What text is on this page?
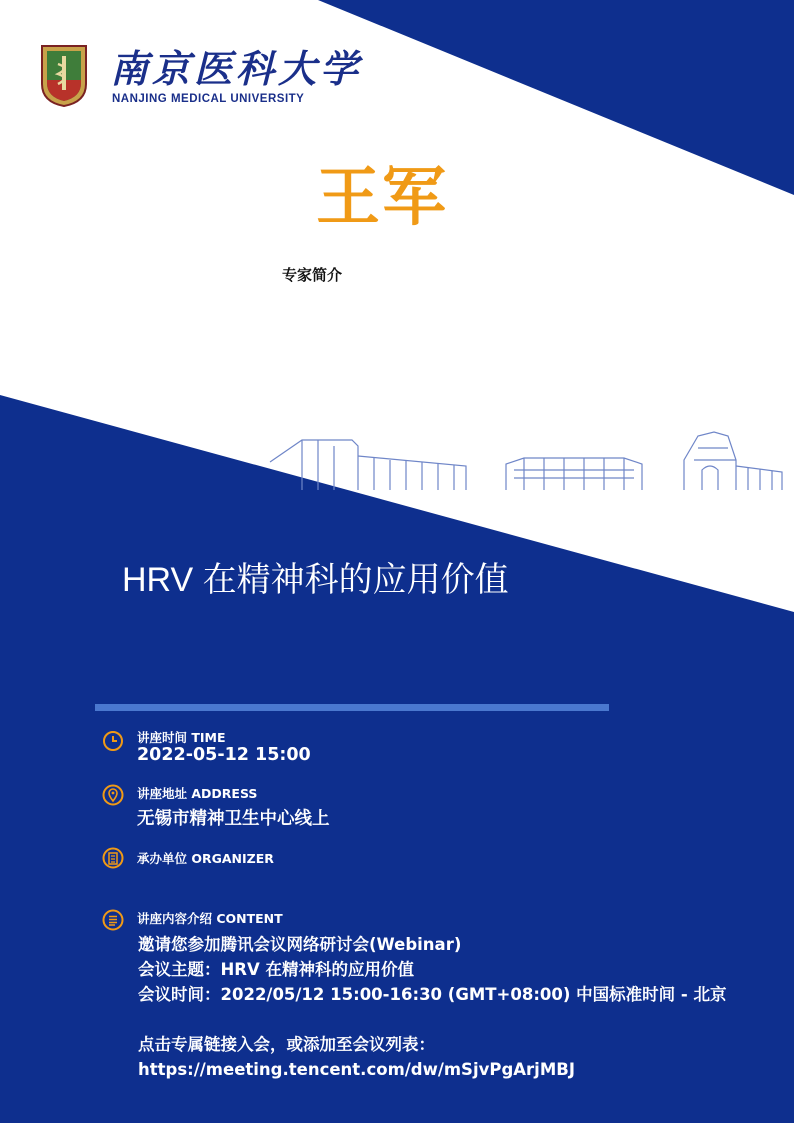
南京医科大学
NANJING MEDICAL UNIVERSITY
王军
专家简介
HRV 在精神科的应用价值
讲座时间 TIME
2022-05-12 15:00
讲座地址 ADDRESS
无锡市精神卫生中心线上
承办单位 ORGANIZER
讲座内容介绍 CONTENT

邀请您参加腾讯会议网络研讨会(Webinar)

会议主题：HRV 在精神科的应用价值

会议时间：2022/05/12 15:00-16:30 (GMT+08:00) 中国标准时间 - 北京

点击专属链接入会，或添加至会议列表：

https://meeting.tencent.com/dw/mSjvPgArjMBJ
